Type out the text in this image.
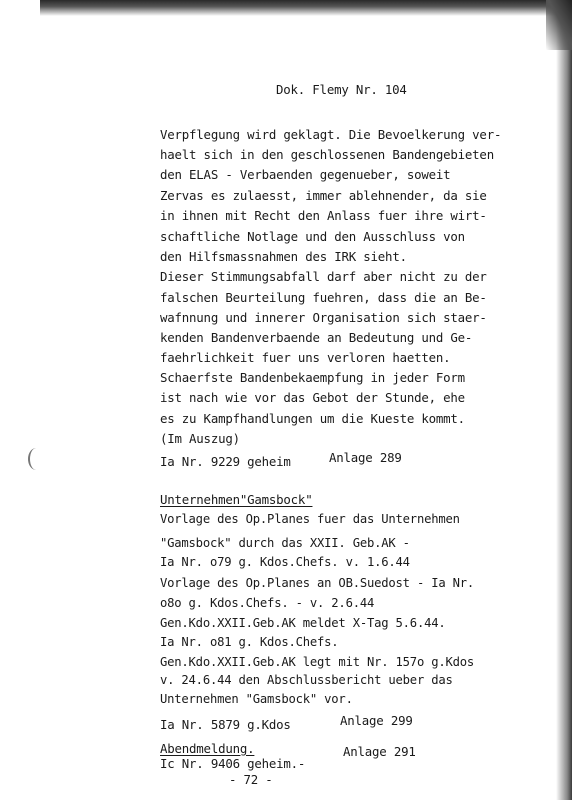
Dok. Flemy Nr. 104
Verpflegung wird geklagt. Die Bevoelkerung ver-
haelt sich in den geschlossenen Bandengebieten
den ELAS - Verbaenden gegenueber, soweit
Zervas es zulaesst, immer ablehnender, da sie
in ihnen mit Recht den Anlass fuer ihre wirt-
schaftliche Notlage und den Ausschluss von
den Hilfsmassnahmen des IRK sieht.
Dieser Stimmungsabfall darf aber nicht zu der
falschen Beurteilung fuehren, dass die an Be-
wafnnung und innerer Organisation sich staer-
kenden Bandenverbaende an Bedeutung und Ge-
faehrlichkeit fuer uns verloren haetten.
Schaerfste Bandenbekaempfung in jeder Form
ist nach wie vor das Gebot der Stunde, ehe
es zu Kampfhandlungen um die Kueste kommt.
(Im Auszug)
Ia Nr. 9229 geheim	Anlage 289
Unternehmen"Gamsbock"
Vorlage des Op.Planes fuer das Unternehmen
"Gamsbock" durch das XXII. Geb.AK -
Ia Nr. o79 g. Kdos.Chefs. v. 1.6.44
Vorlage des Op.Planes an OB.Suedost - Ia Nr.
o8o g. Kdos.Chefs. - v. 2.6.44
Gen.Kdo.XXII.Geb.AK meldet X-Tag 5.6.44.
Ia Nr. o81 g. Kdos.Chefs.
Gen.Kdo.XXII.Geb.AK legt mit Nr. 157o g.Kdos
v. 24.6.44 den Abschlussbericht ueber das
Unternehmen "Gamsbock" vor.
Ia Nr. 5879 g.Kdos	Anlage 299
Abendmeldung.	Anlage 291
Ic Nr. 9406 geheim.-
- 72 -
